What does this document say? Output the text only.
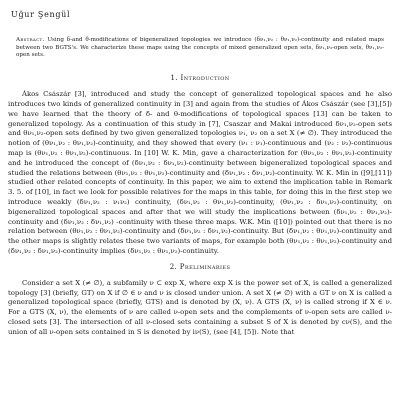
Uğur Şengül

Abstract. Using δ-and θ-modifications of bigeneralized topologies we introduce (δν₁,ν₂ : θν₁,ν₂)-continuity and related maps between two BGTS's. We characterize these maps using the concepts of mixed generalized open sets, δν₁,ν₂-open sets, θν₁,ν₂-open sets.

1. Introduction

Ákos Császár [3], introduced and study the concept of generalized topological spaces and he also introduces two kinds of generalized continuity in [3] and again from the studies of Ákos Császár (see [3],[5]) we have learned that the theory of δ- and θ-modifications of topological spaces [13] can be taken to generalized topology. As a continuation of this study in [7], Csaszar and Makai introduced δν₁,ν₂-open sets and θν₁,ν₂-open sets defined by two given generalized topologies ν₁, ν₂ on a set X (≠ ∅). They introduced the notion of (θν₁,ν₂ : θν₁,ν₂)-continuity, and they showed that every (ν₁ : ν₁)-continuous and (ν₂ : ν₂)-continuous map is (θν₁,ν₂ : θν₁,ν₂)-continuous. In [10] W. K. Min, gave a characterization for (θν₁,ν₂ : θν₁,ν₂)-continuity and he introduced the concept of (δν₁,ν₂ : δν₁,ν₂)-continuity between bigeneralized topological spaces and studied the relations between (θν₁,ν₂ : θν₁,ν₂)-continuity and (δν₁,ν₂ : δν₁,ν₂)-continuity. W. K. Min in ([9],[11]) studied other related concepts of continuity. In this paper, we aim to extend the implication table in Remark 3. 5. of [10], in fact we look for possible relatives for the maps in this table, for doing this in the first step we introduce weakly (δν₁,ν₂ : ν₁ν₂) continuity, (δν₁,ν₂ : θν₁,ν₂)-continuity, (θν₁,ν₂ : δν₁,ν₂)-continuity, on bigeneralized topological spaces and after that we will study the implications between (δν₁,ν₂ : θν₁,ν₂)-continuity and (δν₁,ν₂ : δν₁,ν₂) -continuity with these three maps. W.K. Min ([10]) pointed out that there is no relation between (θν₁,ν₂ : θν₁,ν₂)-continuity and (δν₁,ν₂ : δν₁,ν₂)-continuity. But (δν₁,ν₂ : θν₁,ν₂)-continuity and the other maps is slightly relates these two variants of maps, for example both (θν₁,ν₂ : θν₁,ν₂)-continuity and (δν₁,ν₂ : δν₁,ν₂)-continuity implies (δν₁,ν₂ : θν₁,ν₂)-continuity.

2. Preliminaries

Consider a set X (≠ ∅), a subfamily ν ⊂ exp X, where exp X is the power set of X, is called a generalized topology [3] (briefly, GT) on X if ∅ ∈ ν and ν is closed under union. A set X (≠ ∅) with a GT ν on X is called a generalized topological space (briefly, GTS) and is denoted by (X, ν). A GTS (X, ν) is called strong if X ∈ ν. For a GTS (X, ν), the elements of ν are called ν-open sets and the complements of ν-open sets are called ν-closed sets [3]. The intersection of all ν-closed sets containing a subset S of X is denoted by cν(S), and the union of all ν-open sets contained in S is denoted by iν(S), (see [4], [5]). Note that
